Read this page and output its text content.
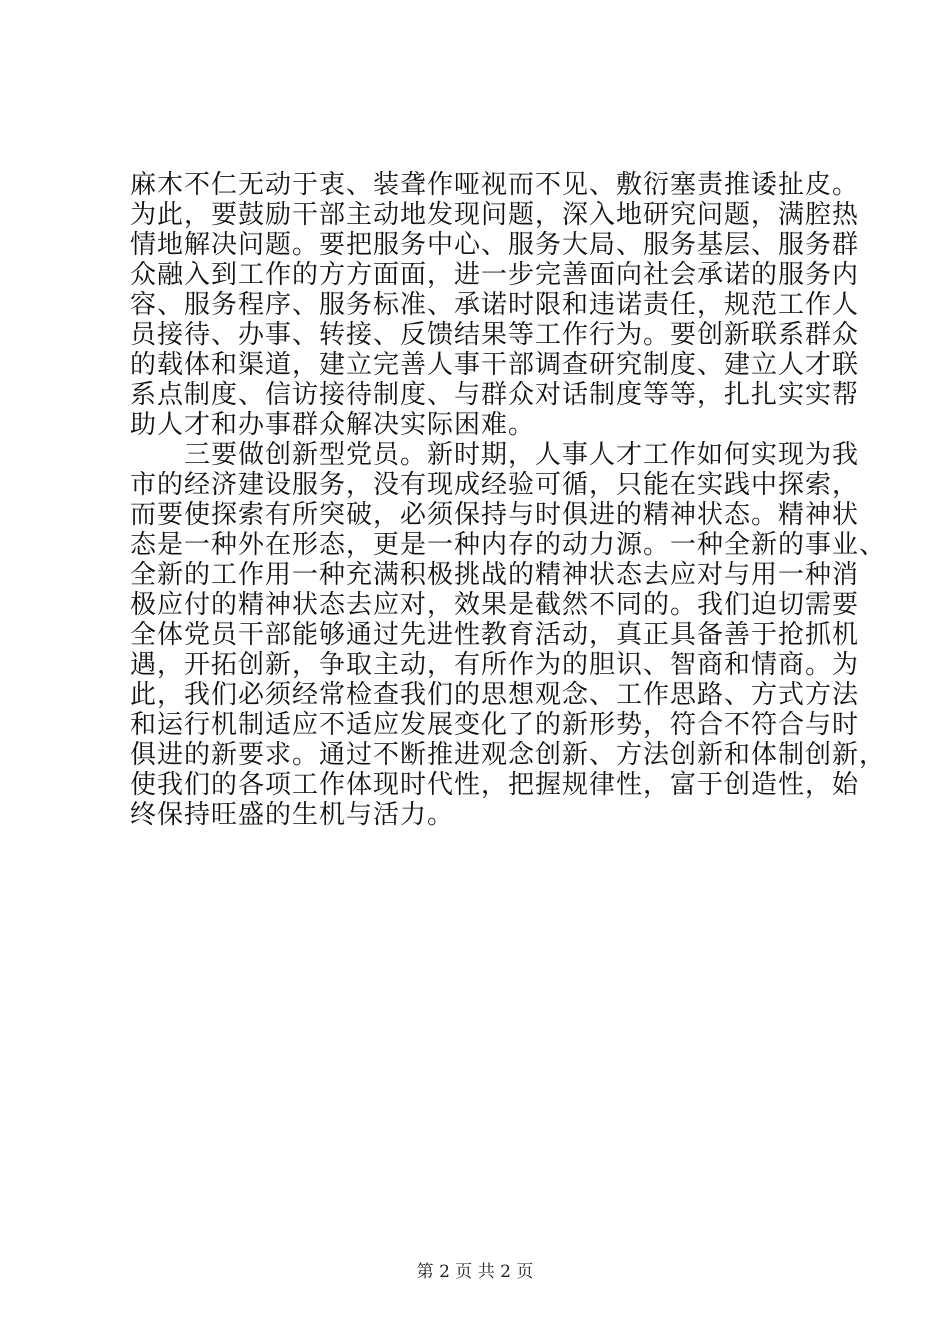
麻木不仁无动于衷、装聋作哑视而不见、敷衍塞责推诿扯皮。
为此，要鼓励干部主动地发现问题，深入地研究问题，满腔热
情地解决问题。要把服务中心、服务大局、服务基层、服务群
众融入到工作的方方面面，进一步完善面向社会承诺的服务内
容、服务程序、服务标准、承诺时限和违诺责任，规范工作人
员接待、办事、转接、反馈结果等工作行为。要创新联系群众
的载体和渠道，建立完善人事干部调查研究制度、建立人才联
系点制度、信访接待制度、与群众对话制度等等，扎扎实实帮
助人才和办事群众解决实际困难。
　　三要做创新型党员。新时期，人事人才工作如何实现为我
市的经济建设服务，没有现成经验可循，只能在实践中探索，
而要使探索有所突破，必须保持与时俱进的精神状态。精神状
态是一种外在形态，更是一种内存的动力源。一种全新的事业、
全新的工作用一种充满积极挑战的精神状态去应对与用一种消
极应付的精神状态去应对，效果是截然不同的。我们迫切需要
全体党员干部能够通过先进性教育活动，真正具备善于抢抓机
遇，开拓创新，争取主动，有所作为的胆识、智商和情商。为
此，我们必须经常检查我们的思想观念、工作思路、方式方法
和运行机制适应不适应发展变化了的新形势，符合不符合与时
俱进的新要求。通过不断推进观念创新、方法创新和体制创新，
使我们的各项工作体现时代性，把握规律性，富于创造性，始
终保持旺盛的生机与活力。
第 2 页 共 2 页
